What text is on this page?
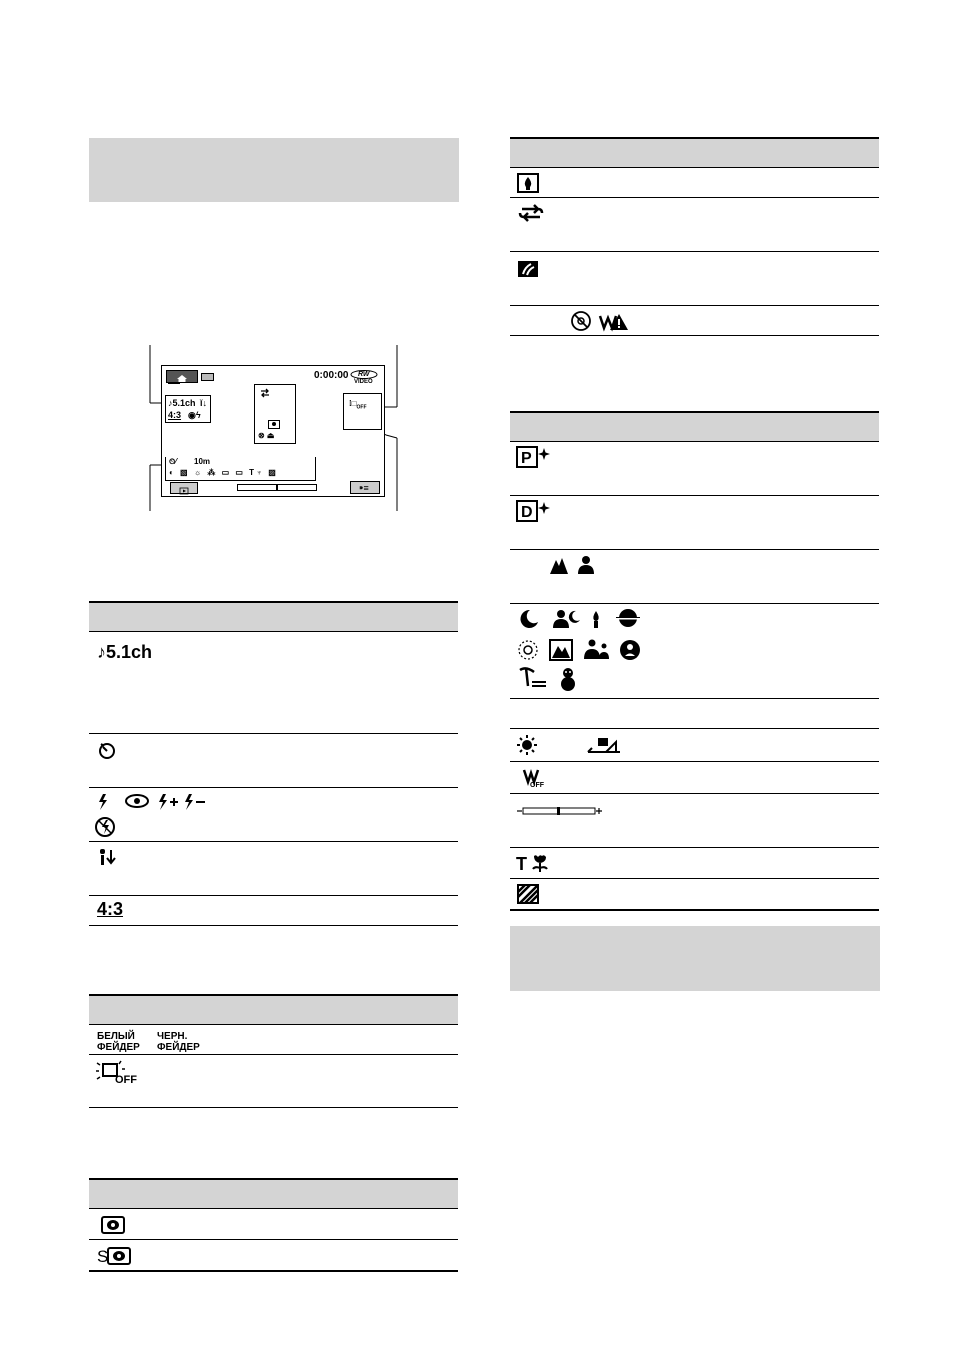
0:00:00 RW
VIDEO
♪5.1ch
4:3 ◉ϟ
ǐ↓
⊗ ⏏
$⁞□_{OFF}$
⏲⁄ 10m
◐ ▧ ☼ ⁂ ▭ ▭ T♆ ▨
⁍≡
♪5.1ch
4:3
БЕЛЫЙ
ФЕЙДЕР
ЧЕРН.
ФЕЙДЕР
OFF
S
P
D
OFF
T
